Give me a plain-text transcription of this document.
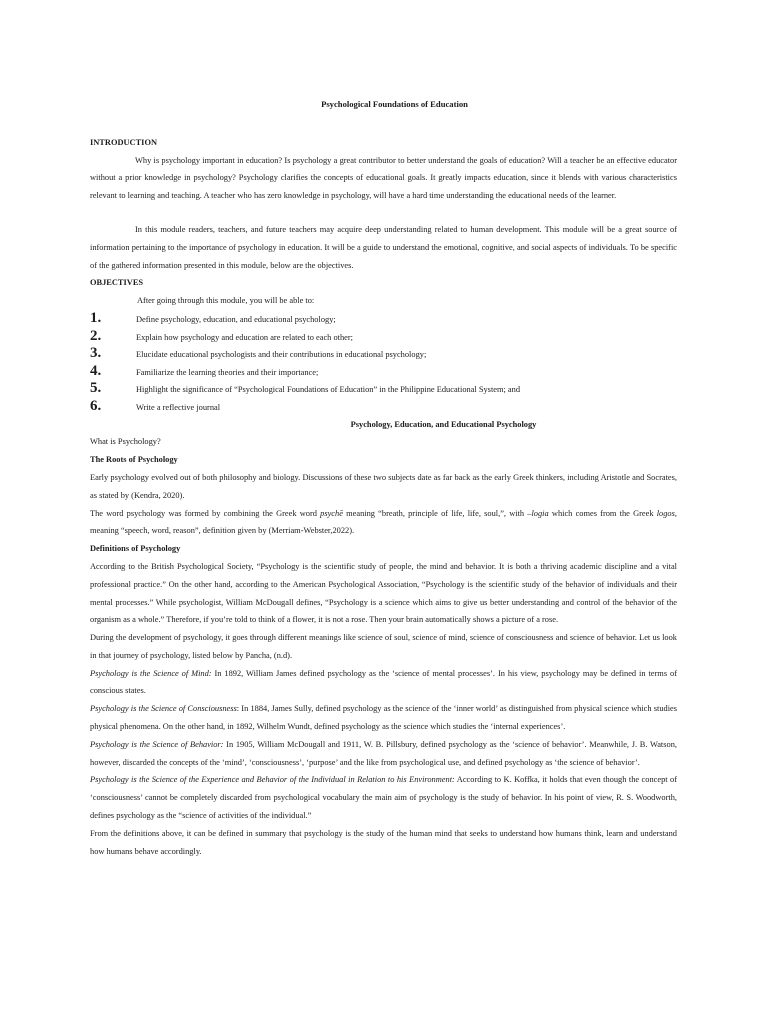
Psychological Foundations of Education
INTRODUCTION

Why is psychology important in education? Is psychology a great contributor to better understand the goals of education? Will a teacher be an effective educator without a prior knowledge in psychology? Psychology clarifies the concepts of educational goals. It greatly impacts education, since it blends with various characteristics relevant to learning and teaching. A teacher who has zero knowledge in psychology, will have a hard time understanding the educational needs of the learner.

In this module readers, teachers, and future teachers may acquire deep understanding related to human development. This module will be a great source of information pertaining to the importance of psychology in education. It will be a guide to understand the emotional, cognitive, and social aspects of individuals. To be specific of the gathered information presented in this module, below are the objectives.

OBJECTIVES

After going through this module, you will be able to:

1.	Define psychology, education, and educational psychology;
2.	Explain how psychology and education are related to each other;
3.	Elucidate educational psychologists and their contributions in educational psychology;
4.	Familiarize the learning theories and their importance;
5.	Highlight the significance of “Psychological Foundations of Education” in the Philippine Educational System; and
6.	Write a reflective journal
Psychology, Education, and Educational Psychology

What is Psychology?

The Roots of Psychology

Early psychology evolved out of both philosophy and biology. Discussions of these two subjects date as far back as the early Greek thinkers, including Aristotle and Socrates, as stated by (Kendra, 2020).

The word psychology was formed by combining the Greek word psychē meaning “breath, principle of life, life, soul,”, with –logia which comes from the Greek logos, meaning “speech, word, reason”, definition given by (Merriam-Webster,2022).

Definitions of Psychology

According to the British Psychological Society, “Psychology is the scientific study of people, the mind and behavior. It is both a thriving academic discipline and a vital professional practice.” On the other hand, according to the American Psychological Association, “Psychology is the scientific study of the behavior of individuals and their mental processes.” While psychologist, William McDougall defines, “Psychology is a science which aims to give us better understanding and control of the behavior of the organism as a whole.” Therefore, if you’re told to think of a flower, it is not a rose. Then your brain automatically shows a picture of a rose.

During the development of psychology, it goes through different meanings like science of soul, science of mind, science of consciousness and science of behavior. Let us look in that journey of psychology, listed below by Pancha, (n.d).

Psychology is the Science of Mind: In 1892, William James defined psychology as the ‘science of mental processes’. In his view, psychology may be defined in terms of conscious states.

Psychology is the Science of Consciousness: In 1884, James Sully, defined psychology as the science of the ‘inner world’ as distinguished from physical science which studies physical phenomena. On the other hand, in 1892, Wilhelm Wundt, defined psychology as the science which studies the ‘internal experiences’.

Psychology is the Science of Behavior: In 1905, William McDougall and 1911, W. B. Pillsbury, defined psychology as the ‘science of behavior’. Meanwhile, J. B. Watson, however, discarded the concepts of the ‘mind’, ‘consciousness’, ‘purpose’ and the like from psychological use, and defined psychology as ‘the science of behavior’.

Psychology is the Science of the Experience and Behavior of the Individual in Relation to his Environment: According to K. Koffka, it holds that even though the concept of ‘consciousness’ cannot be completely discarded from psychological vocabulary the main aim of psychology is the study of behavior. In his point of view, R. S. Woodworth, defines psychology as the “science of activities of the individual.”

From the definitions above, it can be defined in summary that psychology is the study of the human mind that seeks to understand how humans think, learn and understand how humans behave accordingly.
